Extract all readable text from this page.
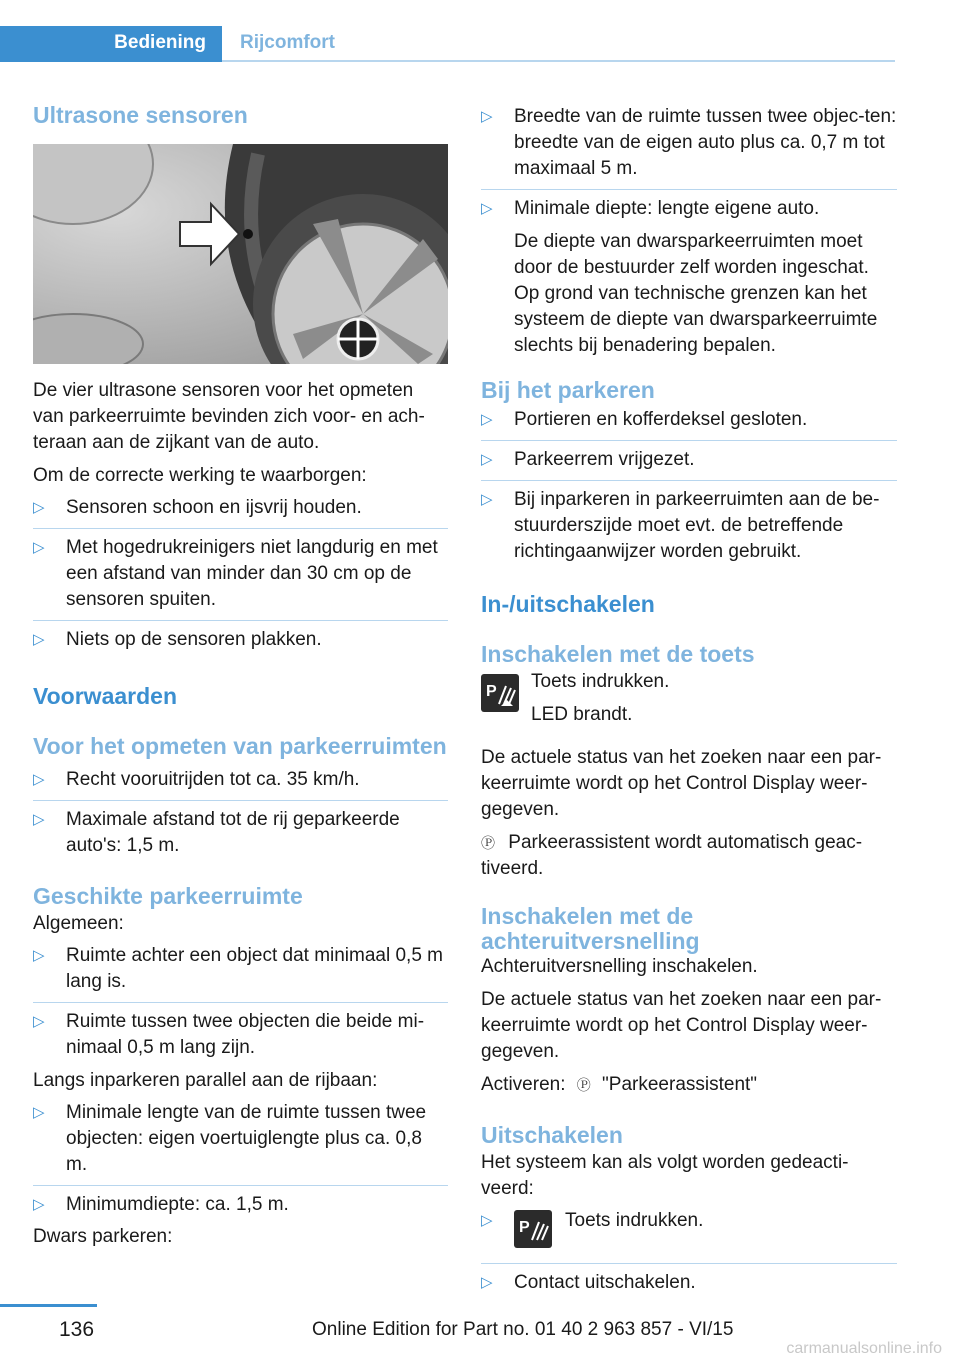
Bediening Rijcomfort
Ultrasone sensoren

De vier ultrasone sensoren voor het opmeten van parkeerruimte bevinden zich voor- en ach-teraan aan de zijkant van de auto.

Om de correcte werking te waarborgen:

▷ Sensoren schoon en ijsvrij houden.
▷ Met hogedrukreinigers niet langdurig en met een afstand van minder dan 30 cm op de sensoren spuiten.
▷ Niets op de sensoren plakken.
Voorwaarden
Voor het opmeten van parkeerruimten
▷ Recht vooruitrijden tot ca. 35 km/h.
▷ Maximale afstand tot de rij geparkeerde auto's: 1,5 m.
Geschikte parkeerruimte

Algemeen:

▷ Ruimte achter een object dat minimaal 0,5 m lang is.
▷ Ruimte tussen twee objecten die beide mi-nimaal 0,5 m lang zijn.

Langs inparkeren parallel aan de rijbaan:

▷ Minimale lengte van de ruimte tussen twee objecten: eigen voertuiglengte plus ca. 0,8 m.
▷ Minimumdiepte: ca. 1,5 m.

Dwars parkeren:

▷ Breedte van de ruimte tussen twee objec-ten: breedte van de eigen auto plus ca. 0,7 m tot maximaal 5 m.
▷ Minimale diepte: lengte eigene auto.

De diepte van dwarsparkeerruimten moet door de bestuurder zelf worden ingeschat. Op grond van technische grenzen kan het systeem de diepte van dwarsparkeerruimte slechts bij benadering bepalen.

Bij het parkeren
▷ Portieren en kofferdeksel gesloten.
▷ Parkeerrem vrijgezet.
▷ Bij inparkeren in parkeerruimten aan de be-stuurderszijde moet evt. de betreffende richtingaanwijzer worden gebruikt.
In-/uitschakelen
Inschakelen met de toets
P Toets indrukken.

LED brandt.

De actuele status van het zoeken naar een par-keerruimte wordt op het Control Display weer-gegeven.

Ⓟ Parkeerassistent wordt automatisch geac-tiveerd.

Inschakelen met de achteruitversnelling

Achteruitversnelling inschakelen.

De actuele status van het zoeken naar een par-keerruimte wordt op het Control Display weer-gegeven.

Activeren: Ⓟ "Parkeerassistent"

Uitschakelen

Het systeem kan als volgt worden gedeacti-veerd:

▷ P Toets indrukken.
▷ Contact uitschakelen.
136	Online Edition for Part no. 01 40 2 963 857 - VI/15
carmanualsonline.info
